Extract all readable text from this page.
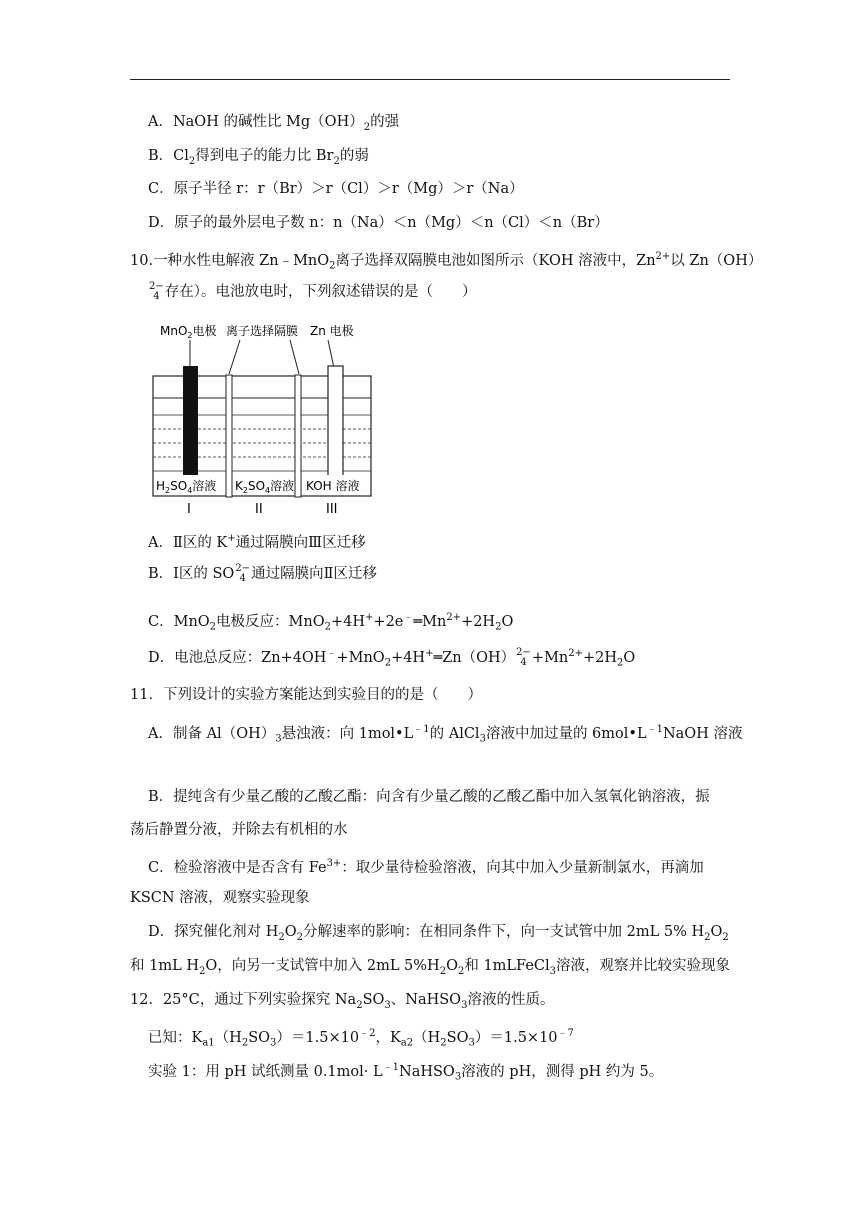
A．NaOH 的碱性比 $Mg(OH)_2$的强
B．$Cl_2$得到电子的能力比 $Br_2$的弱
C．原子半径 r：r（Br）＞r（Cl）＞r（Mg）＞r（Na）
D．原子的最外层电子数 n：n（Na）＜n（Mg）＜n（Cl）＜n（Br）
10.一种水性电解液 Zn﹣MnO$_2$离子选择双隔膜电池如图所示（KOH 溶液中，$Zn^{2+}$以 Zn（OH）
2−
4 存在）。电池放电时，下列叙述错误的是（　　）
MnO$_2$电极 离子选择隔膜 Zn 电极
$H_2SO_4$溶液 $K_2SO_4$溶液 KOH 溶液
I	II	III
A．Ⅱ区的 K+通过隔膜向Ⅲ区迁移
B．Ⅰ区的 SO 2−
4 通过隔膜向Ⅱ区迁移
C．MnO$_2$电极反应：$MnO_2+4H^++2e^﹣═Mn^{2+}+2H_2O$
D．电池总反应：Zn+4OH﹣+MnO$_2$+4H+═Zn（OH） 2−
$4 +Mn^{2+}+2H_2O$
11．下列设计的实验方案能达到实验目的的是（　　）
A．制备 $Al(OH)_3$悬浊液：向 $1mol•L^{﹣1}$的 AlCl$_3$溶液中加过量的 $6mol•L^{﹣1}NaOH$ 溶液
B．提纯含有少量乙酸的乙酸乙酯：向含有少量乙酸的乙酸乙酯中加入氢氧化钠溶液，振
荡后静置分液，并除去有机相的水
C．检验溶液中是否含有 $Fe^{3+}$：取少量待检验溶液，向其中加入少量新制氯水，再滴加
KSCN 溶液，观察实验现象
D．探究催化剂对 $H_2O_2$分解速率的影响：在相同条件下，向一支试管中加 2mL 5% $H_2O_2$
和 1mL $H_2O$，向另一支试管中加入 2mL $5\%H_2O_2$和 1mLFeCl$_3$溶液，观察并比较实验现象
12．25°C，通过下列实验探究 $Na_2SO_3$、NaHSO$_3$溶液的性质。
已知：$K_{a1}(H_2SO_3)=1.5\times 10^{﹣2}$，$K_{a2}(H_2SO_3)=1.5\times 10^{﹣7}$
实验 1：用 pH 试纸测量 $0.1mol\cdot L^{﹣1}NaHSO_3$溶液的 pH，测得 pH 约为 5。
